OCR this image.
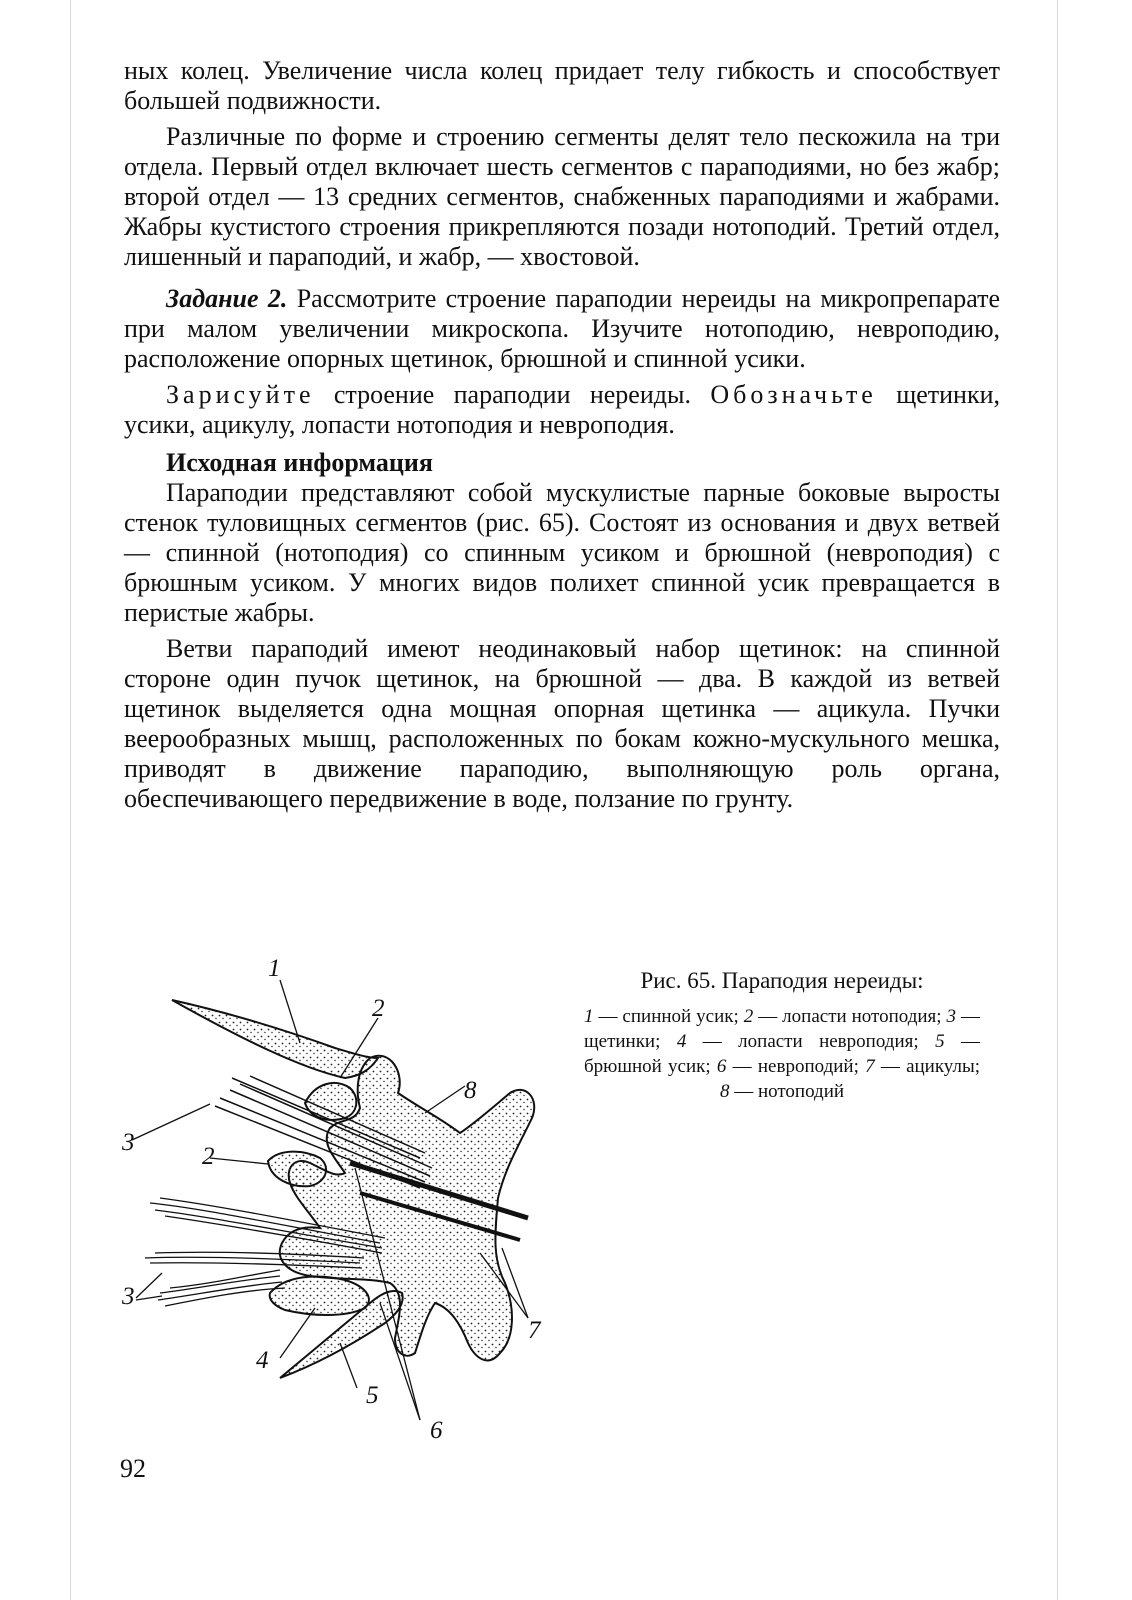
ных колец. Увеличение числа колец придает телу гибкость и способствует большей подвижности.

Различные по форме и строению сегменты делят тело пескожила на три отдела. Первый отдел включает шесть сегментов с параподиями, но без жабр; второй отдел — 13 средних сегментов, снабженных параподиями и жабрами. Жабры кустистого строения прикрепляются позади нотоподий. Третий отдел, лишенный и параподий, и жабр, — хвостовой.

Задание 2. Рассмотрите строение параподии нереиды на микропрепарате при малом увеличении микроскопа. Изучите нотоподию, невроподию, расположение опорных щетинок, брюшной и спинной усики.

Зарисуйте строение параподии нереиды. Обозначьте щетинки, усики, ацикулу, лопасти нотоподия и невроподия.

Исходная информация

Параподии представляют собой мускулистые парные боковые выросты стенок туловищных сегментов (рис. 65). Состоят из основания и двух ветвей — спинной (нотоподия) со спинным усиком и брюшной (невроподия) с брюшным усиком. У многих видов полихет спинной усик превращается в перистые жабры.

Ветви параподий имеют неодинаковый набор щетинок: на спинной стороне один пучок щетинок, на брюшной — два. В каждой из ветвей щетинок выделяется одна мощная опорная щетинка — ацикула. Пучки веерообразных мышц, расположенных по бокам кожно-мускульного мешка, приводят в движение параподию, выполняющую роль органа, обеспечивающего передвижение в воде, ползание по грунту.

1
2
3
2
3
4
5
6
7
8

Рис. 65. Параподия нереиды:

1 — спинной усик; 2 — лопасти нотоподия; 3 — щетинки; 4 — лопасти невроподия; 5 — брюшной усик; 6 — невроподий; 7 — ацикулы; 8 — нотоподий

92
